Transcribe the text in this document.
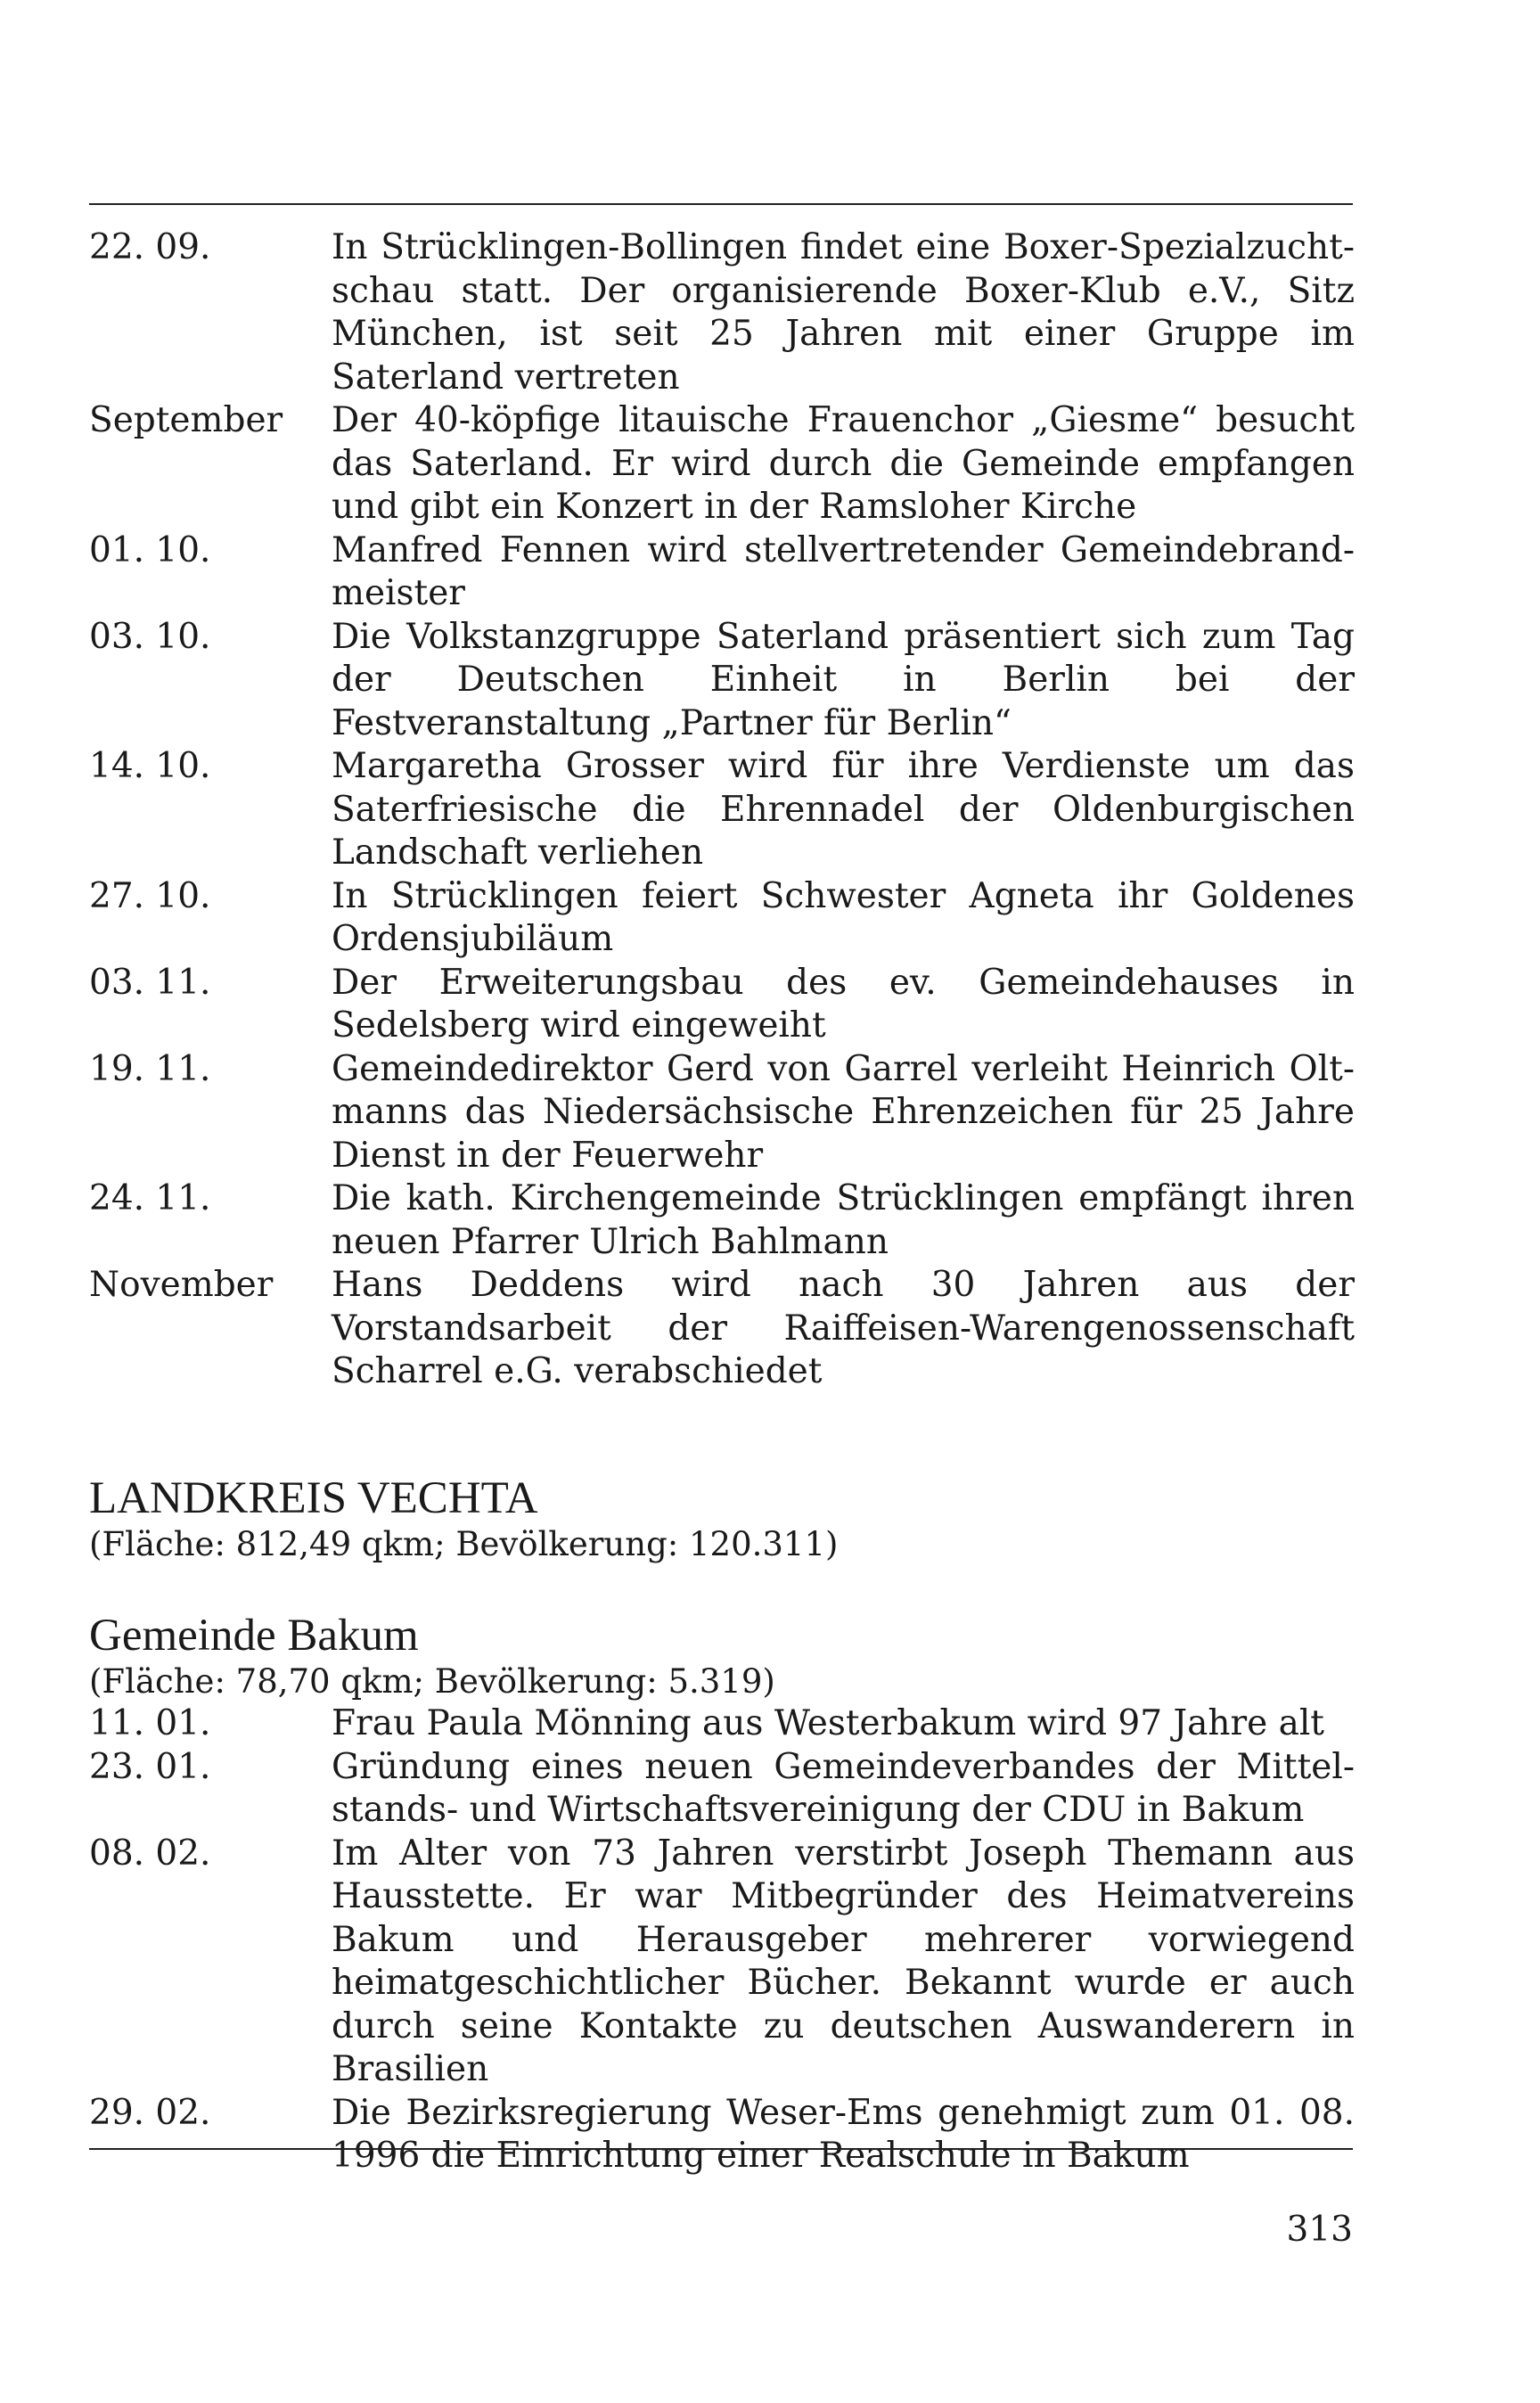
22. 09.	In Strücklingen-Bollingen findet eine Boxer-Spezialzuchtschau statt. Der organisierende Boxer-Klub e.V., Sitz München, ist seit 25 Jahren mit einer Gruppe im Saterland vertreten
September	Der 40-köpfige litauische Frauenchor „Giesme“ besucht das Saterland. Er wird durch die Gemeinde empfangen und gibt ein Konzert in der Ramsloher Kirche
01. 10.	Manfred Fennen wird stellvertretender Gemeindebrandmeister
03. 10.	Die Volkstanzgruppe Saterland präsentiert sich zum Tag der Deutschen Einheit in Berlin bei der Festveranstaltung „Partner für Berlin“
14. 10.	Margaretha Grosser wird für ihre Verdienste um das Saterfriesische die Ehrennadel der Oldenburgischen Landschaft verliehen
27. 10.	In Strücklingen feiert Schwester Agneta ihr Goldenes Ordensjubiläum
03. 11.	Der Erweiterungsbau des ev. Gemeindehauses in Sedelsberg wird eingeweiht
19. 11.	Gemeindedirektor Gerd von Garrel verleiht Heinrich Oltmanns das Niedersächsische Ehrenzeichen für 25 Jahre Dienst in der Feuerwehr
24. 11.	Die kath. Kirchengemeinde Strücklingen empfängt ihren neuen Pfarrer Ulrich Bahlmann
November	Hans Deddens wird nach 30 Jahren aus der Vorstandsarbeit der Raiffeisen-Warengenossenschaft Scharrel e.G. verabschiedet
LANDKREIS VECHTA
(Fläche: 812,49 qkm; Bevölkerung: 120.311)
Gemeinde Bakum
(Fläche: 78,70 qkm; Bevölkerung: 5.319)
11. 01.	Frau Paula Mönning aus Westerbakum wird 97 Jahre alt
23. 01.	Gründung eines neuen Gemeindeverbandes der Mittelstands- und Wirtschaftsvereinigung der CDU in Bakum
08. 02.	Im Alter von 73 Jahren verstirbt Joseph Themann aus Hausstette. Er war Mitbegründer des Heimatvereins Bakum und Herausgeber mehrerer vorwiegend heimatgeschichtlicher Bücher. Bekannt wurde er auch durch seine Kontakte zu deutschen Auswanderern in Brasilien
29. 02.	Die Bezirksregierung Weser-Ems genehmigt zum 01. 08. 1996 die Einrichtung einer Realschule in Bakum
313
